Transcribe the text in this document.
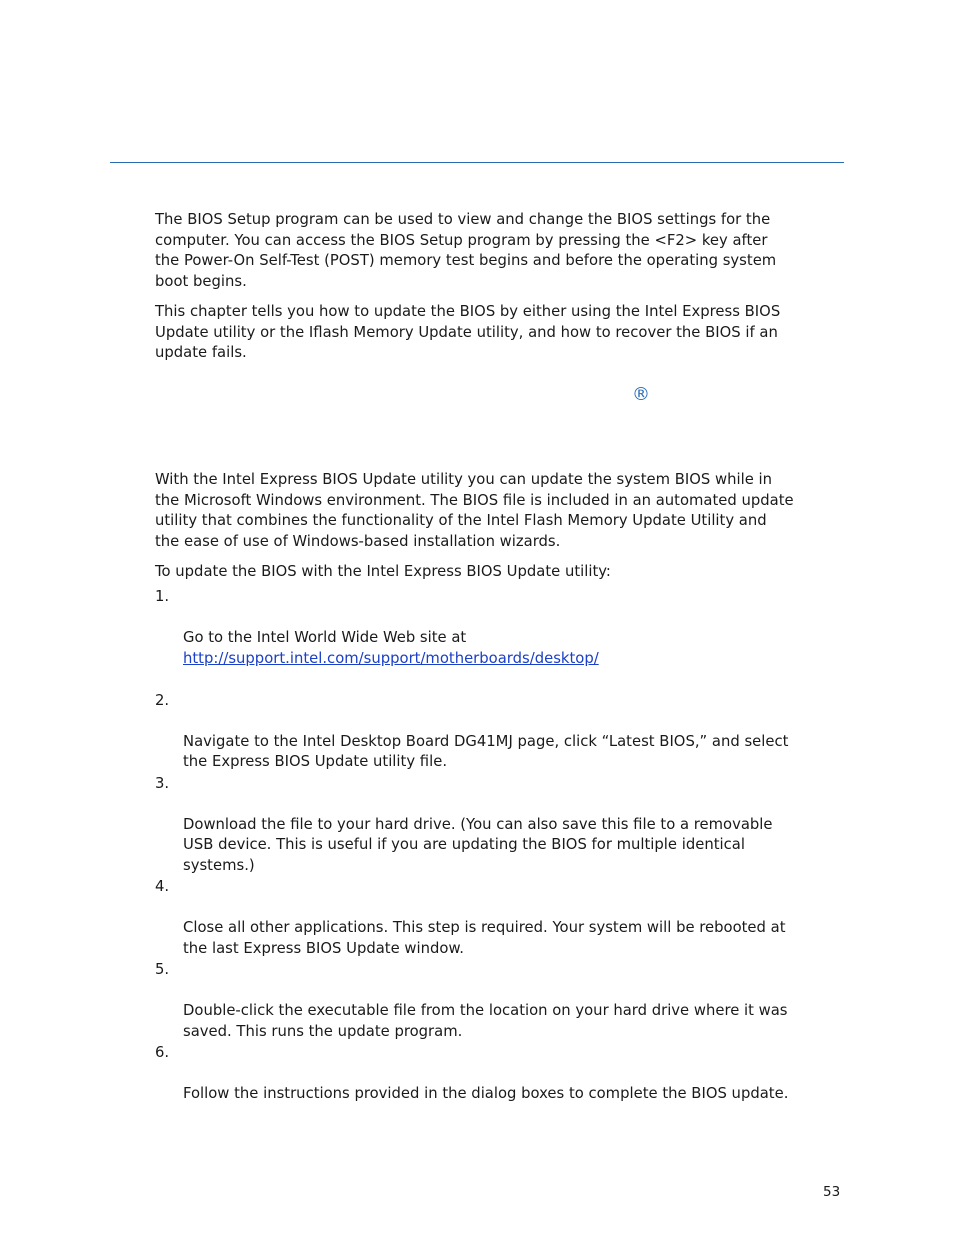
The BIOS Setup program can be used to view and change the BIOS settings for the
computer. You can access the BIOS Setup program by pressing the <F2> key after
the Power-On Self-Test (POST) memory test begins and before the operating system
boot begins.

This chapter tells you how to update the BIOS by either using the Intel Express BIOS
Update utility or the Iflash Memory Update utility, and how to recover the BIOS if an
update fails.

®

With the Intel Express BIOS Update utility you can update the system BIOS while in
the Microsoft Windows environment. The BIOS file is included in an automated update
utility that combines the functionality of the Intel Flash Memory Update Utility and
the ease of use of Windows-based installation wizards.

To update the BIOS with the Intel Express BIOS Update utility:

1.

Go to the Intel World Wide Web site at

http://support.intel.com/support/motherboards/desktop/

2.

Navigate to the Intel Desktop Board DG41MJ page, click “Latest BIOS,” and select
the Express BIOS Update utility file.

3.

Download the file to your hard drive. (You can also save this file to a removable
USB device. This is useful if you are updating the BIOS for multiple identical
systems.)

4.

Close all other applications. This step is required. Your system will be rebooted at
the last Express BIOS Update window.

5.

Double-click the executable file from the location on your hard drive where it was
saved. This runs the update program.

6.

Follow the instructions provided in the dialog boxes to complete the BIOS update.

53
